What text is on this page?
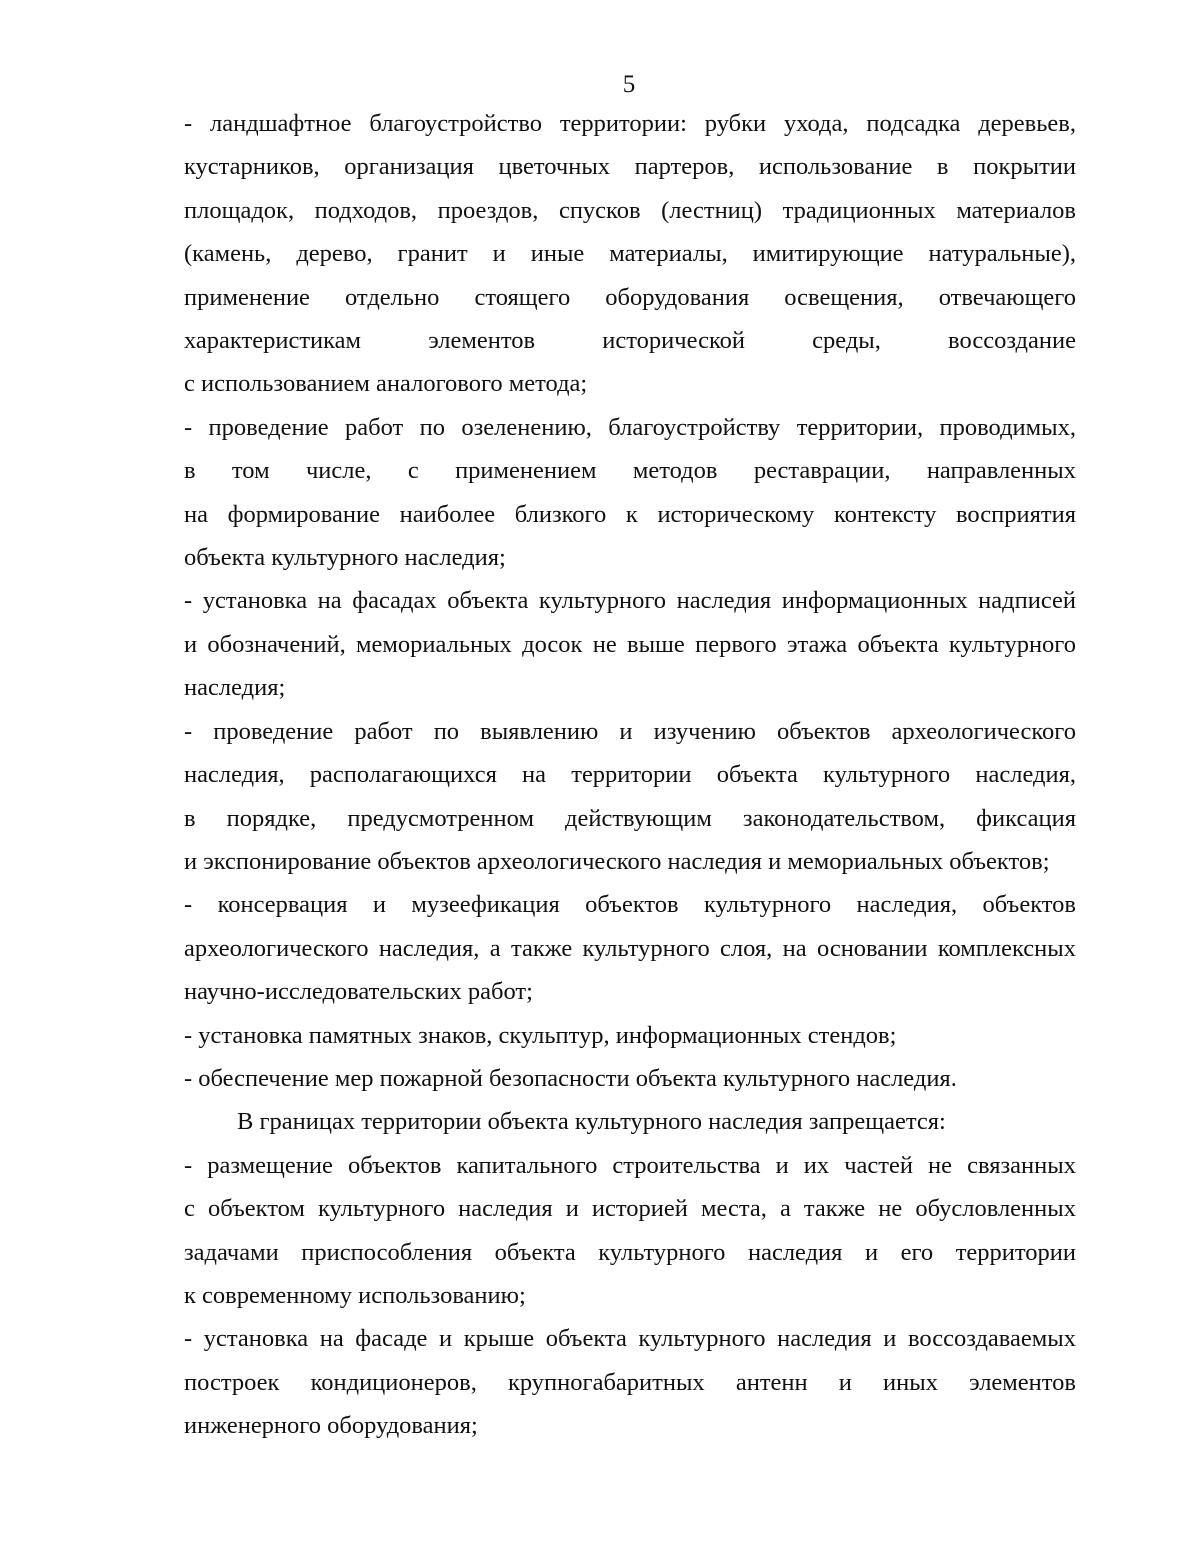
5
- ландшафтное благоустройство территории: рубки ухода, подсадка деревьев,
кустарников, организация цветочных партеров, использование в покрытии
площадок, подходов, проездов, спусков (лестниц) традиционных материалов
(камень, дерево, гранит и иные материалы, имитирующие натуральные),
применение отдельно стоящего оборудования освещения, отвечающего
характеристикам элементов исторической среды, воссоздание
с использованием аналогового метода;
- проведение работ по озеленению, благоустройству территории, проводимых,
в том числе, с применением методов реставрации, направленных
на формирование наиболее близкого к историческому контексту восприятия
объекта культурного наследия;
- установка на фасадах объекта культурного наследия информационных надписей
и обозначений, мемориальных досок не выше первого этажа объекта культурного
наследия;
- проведение работ по выявлению и изучению объектов археологического
наследия, располагающихся на территории объекта культурного наследия,
в порядке, предусмотренном действующим законодательством, фиксация
и экспонирование объектов археологического наследия и мемориальных объектов;
- консервация и музеефикация объектов культурного наследия, объектов
археологического наследия, а также культурного слоя, на основании комплексных
научно-исследовательских работ;
- установка памятных знаков, скульптур, информационных стендов;
- обеспечение мер пожарной безопасности объекта культурного наследия.
В границах территории объекта культурного наследия запрещается:
- размещение объектов капитального строительства и их частей не связанных
с объектом культурного наследия и историей места, а также не обусловленных
задачами приспособления объекта культурного наследия и его территории
к современному использованию;
- установка на фасаде и крыше объекта культурного наследия и воссоздаваемых
построек кондиционеров, крупногабаритных антенн и иных элементов
инженерного оборудования;
